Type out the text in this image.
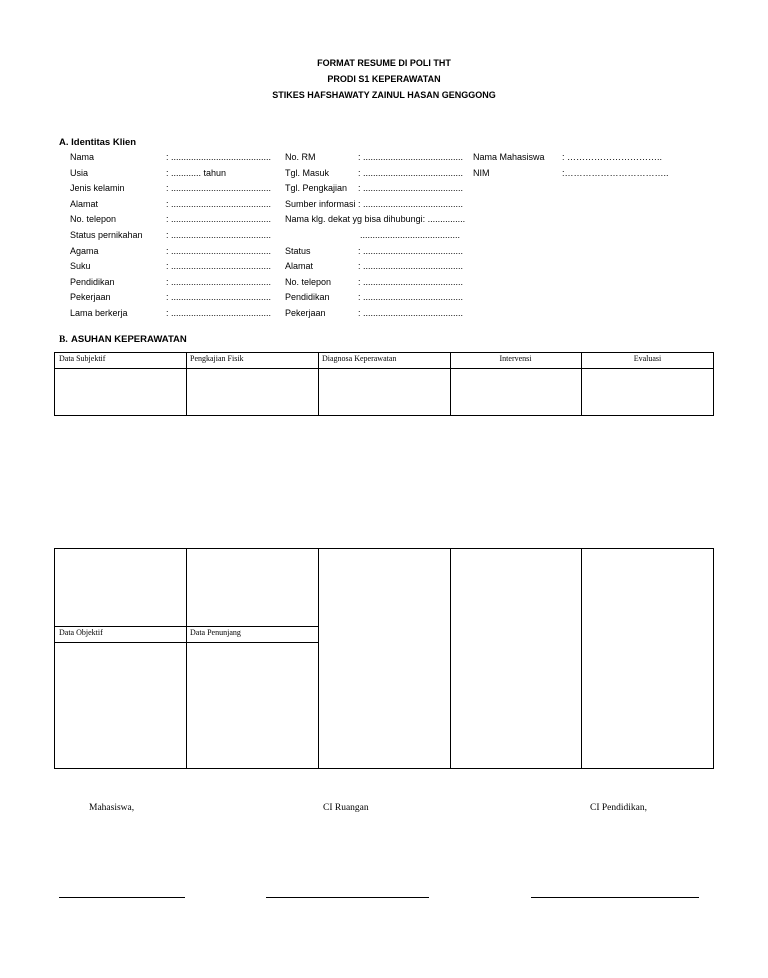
FORMAT RESUME DI POLI THT
PRODI S1 KEPERAWATAN
STIKES HAFSHAWATY ZAINUL HASAN GENGGONG
A. Identitas Klien
Nama	: ........................................
Usia	: ............ tahun
Jenis kelamin	: ........................................
Alamat	: ........................................
No. telepon	: ........................................
Status pernikahan	: ........................................
Agama	: ........................................
Suku	: ........................................
Pendidikan	: ........................................
Pekerjaan	: ........................................
Lama berkerja	: ........................................
No. RM	: ........................................
Tgl. Masuk	: ........................................
Tgl. Pengkajian : ........................................
Sumber informasi : ........................................
Nama klg. dekat yg bisa dihubungi: ...............
........................................
Status	: ........................................
Alamat	: ........................................
No. telepon	: ........................................
Pendidikan	: ........................................
Pekerjaan	: ........................................
Nama Mahasiswa : …………………………..
NIM	:……………………………..
B. ASUHAN KEPERAWATAN
Data Subjektif	Pengkajian Fisik	Diagnosa Keperawatan	Intervensi	Evaluasi
Data Objektif	Data Penunjang
Mahasiswa,	CI Ruangan	CI Pendidikan,
